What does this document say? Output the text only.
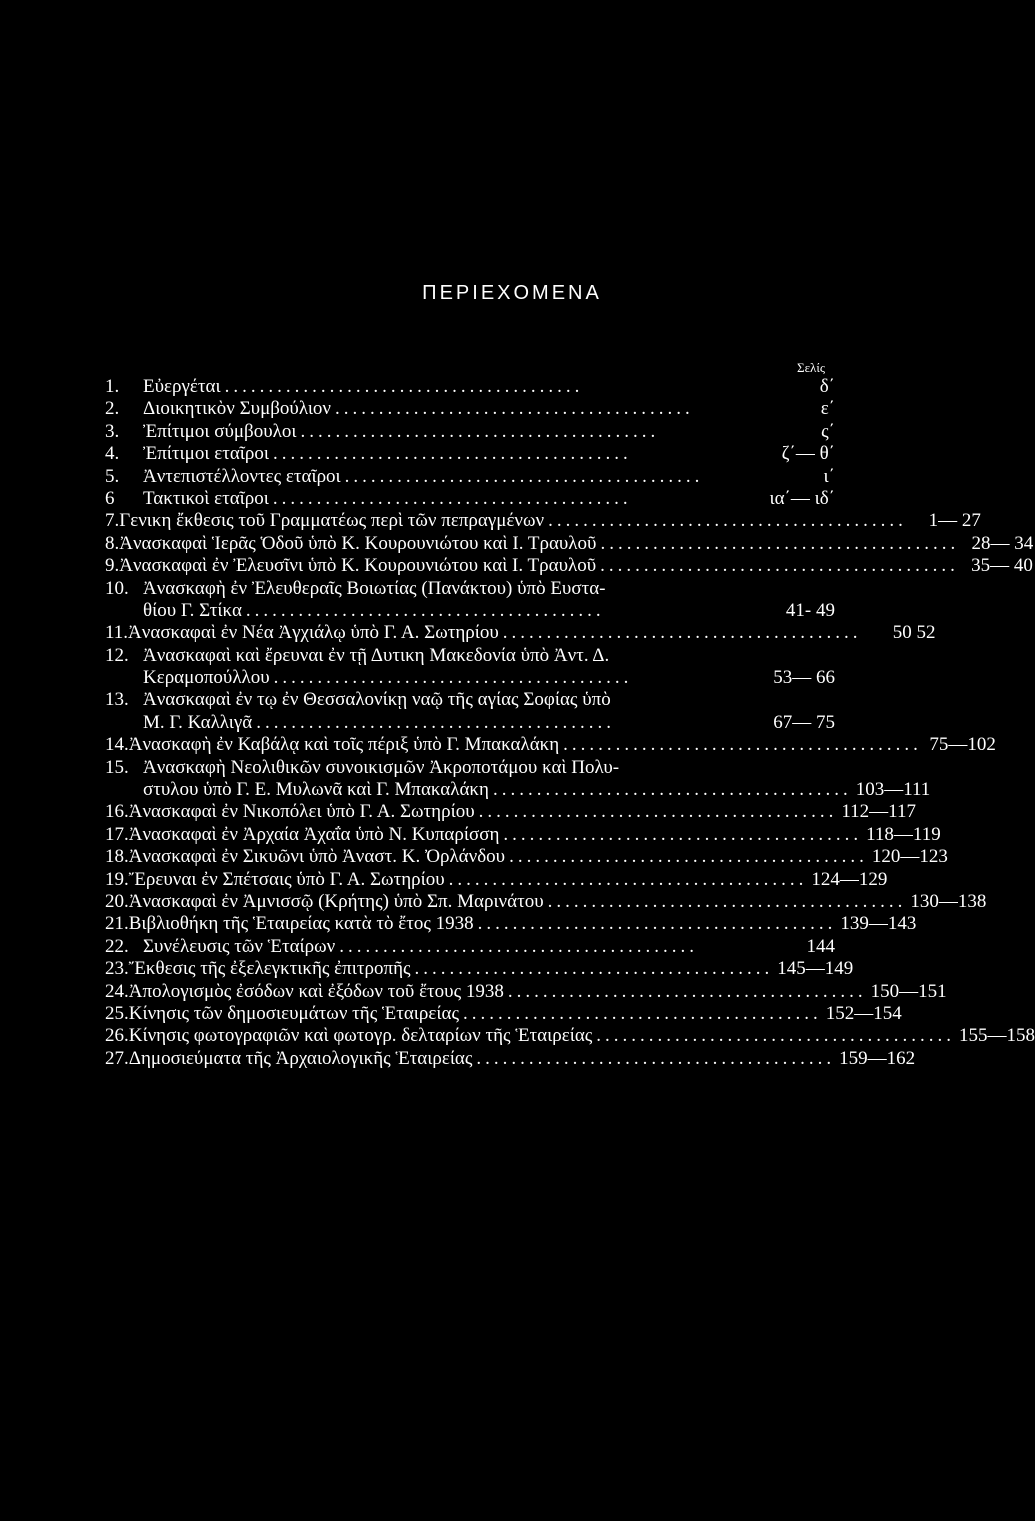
ΠΕΡΙΕΧΟΜΕΝΑ
Σελίς
1.	Εὐεργέται .........................................	δ΄
2.	Διοικητικὸν Συμβούλιον .........................................	ε΄
3.	Ἐπίτιμοι σύμβουλοι .........................................	ς΄
4.	Ἐπίτιμοι εταῖροι .........................................	ζ΄— θ΄
5.	Ἀντεπιστέλλοντες εταῖροι .........................................	ι΄
6	Τακτικοὶ εταῖροι .........................................	ια΄— ιδ΄
7. Γενικη ἔκθεσις τοῦ Γραμματέως περὶ τῶν πεπραγμένων .........................................	1— 27
8. Ἀνασκαφαὶ Ἱερᾶς Ὁδοῦ ὑπὸ Κ. Κουρουνιώτου καὶ Ι. Τραυλοῦ ......................................... 28— 34
9. Ἀνασκαφαὶ ἐν Ἐλευσῖνι ὑπὸ Κ. Κουρουνιώτου καὶ Ι. Τραυλοῦ ......................................... 35— 40
10. Ἀνασκαφὴ ἐν Ἐλευθεραῖς Βοιωτίας (Πανάκτου) ὑπὸ Ευστα-
θίου Γ. Στίκα .........................................	41- 49
11. Ἀνασκαφαὶ ἐν Νέα Ἀγχιάλῳ ὑπὸ Γ. Α. Σωτηρίου .........................................	50 52
12. Ἀνασκαφαὶ καὶ ἔρευναι ἐν τῇ Δυτικη Μακεδονία ὑπὸ Ἀντ. Δ.
Κεραμοπούλλου .........................................	53— 66
13. Ἀνασκαφαὶ ἐν τῳ ἐν Θεσσαλονίκῃ ναῷ τῆς αγίας Σοφίας ὑπὸ
Μ. Γ. Καλλιγᾶ .........................................	67— 75
14. Ἀνασκαφὴ ἐν Καβάλᾳ καὶ τοῖς πέριξ ὑπὸ Γ. Μπακαλάκη ......................................... 75—102
15. Ἀνασκαφὴ Νεολιθικῶν συνοικισμῶν Ἀκροποτάμου καὶ Πολυ-
στυλου ὑπὸ Γ. Ε. Μυλωνᾶ καὶ Γ. Μπακαλάκη ......................................... 103—111
16. Ἀνασκαφαὶ ἐν Νικοπόλει ὑπὸ Γ. Α. Σωτηρίου ......................................... 112—117
17. Ἀνασκαφαὶ ἐν Ἀρχαία Ἀχαΐα ὑπὸ Ν. Κυπαρίσση ......................................... 118—119
18. Ἀνασκαφαὶ ἐν Σικυῶνι ὑπὸ Ἀναστ. Κ. Ὀρλάνδου ......................................... 120—123
19. Ἔρευναι ἐν Σπέτσαις ὑπὸ Γ. Α. Σωτηρίου ......................................... 124—129
20. Ἀνασκαφαὶ ἐν Ἀμνισσῷ (Κρήτης) ὑπὸ Σπ. Μαρινάτου ......................................... 130—138
21. Βιβλιοθήκη τῆς Ἑταιρείας κατὰ τὸ ἔτος 1938 ......................................... 139—143
22. Συνέλευσις τῶν Ἑταίρων .........................................	144
23. Ἔκθεσις τῆς ἐξελεγκτικῆς ἐπιτροπῆς ......................................... 145—149
24. Ἀπολογισμὸς ἐσόδων καὶ ἐξόδων τοῦ ἔτους 1938 ......................................... 150—151
25. Κίνησις τῶν δημοσιευμάτων τῆς Ἑταιρείας ......................................... 152—154
26. Κίνησις φωτογραφιῶν καὶ φωτογρ. δελταρίων τῆς Ἑταιρείας ......................................... 155—158
27. Δημοσιεύματα τῆς Ἀρχαιολογικῆς Ἑταιρείας ......................................... 159—162
